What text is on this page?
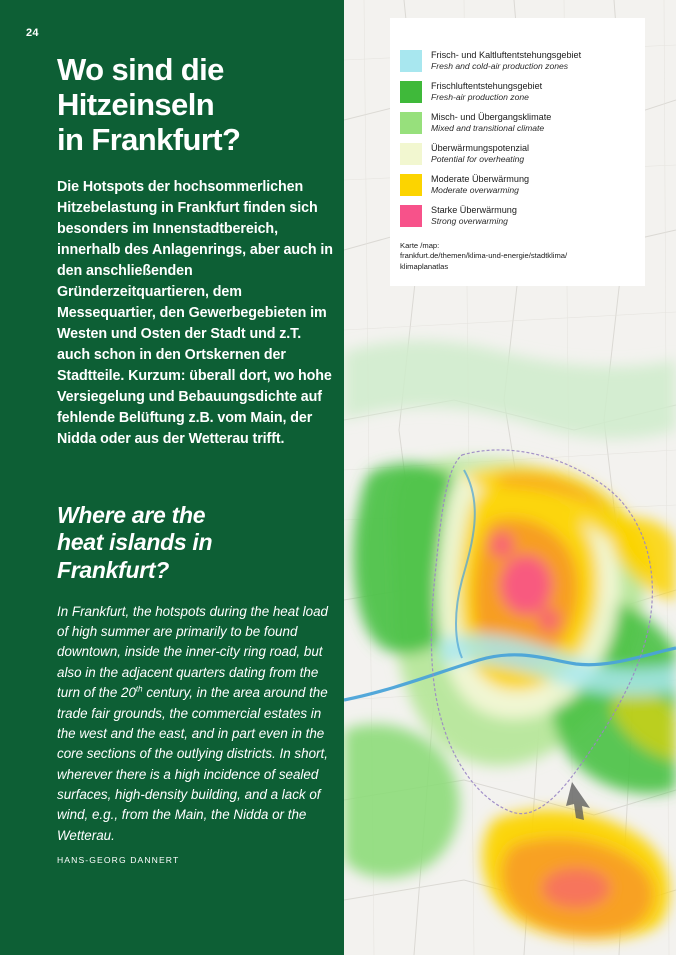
24
Wo sind die
Hitzeinseln
in Frankfurt?

Die Hotspots der hochsommerlichen Hitzebelastung in Frankfurt finden sich besonders im Innenstadtbereich, innerhalb des Anlagenrings, aber auch in den anschließenden Gründerzeitquartieren, dem Messequartier, den Gewerbegebieten im Westen und Osten der Stadt und z.T. auch schon in den Ortskernen der Stadtteile. Kurzum: überall dort, wo hohe Versiegelung und Bebauungsdichte auf fehlende Belüftung z.B. vom Main, der Nidda oder aus der Wetterau trifft.

Where are the
heat islands in
Frankfurt?

In Frankfurt, the hotspots during the heat load of high summer are primarily to be found downtown, inside the inner-city ring road, but also in the adjacent quarters dating from the turn of the 20th century, in the area around the trade fair grounds, the commercial estates in the west and the east, and in part even in the core sections of the outlying districts. In short, wherever there is a high incidence of sealed surfaces, high-density building, and a lack of wind, e.g., from the Main, the Nidda or the Wetterau.

HANS-GEORG DANNERT
Frisch- und Kaltluftentstehungsgebiet
Fresh and cold-air production zones
Frischluftentstehungsgebiet
Fresh-air production zone
Misch- und Übergangsklimate
Mixed and transitional climate
Überwärmungspotenzial
Potential for overheating
Moderate Überwärmung
Moderate overwarming
Starke Überwärmung
Strong overwarming
Karte /map:
frankfurt.de/themen/klima-und-energie/stadtklima/
klimaplanatlas
